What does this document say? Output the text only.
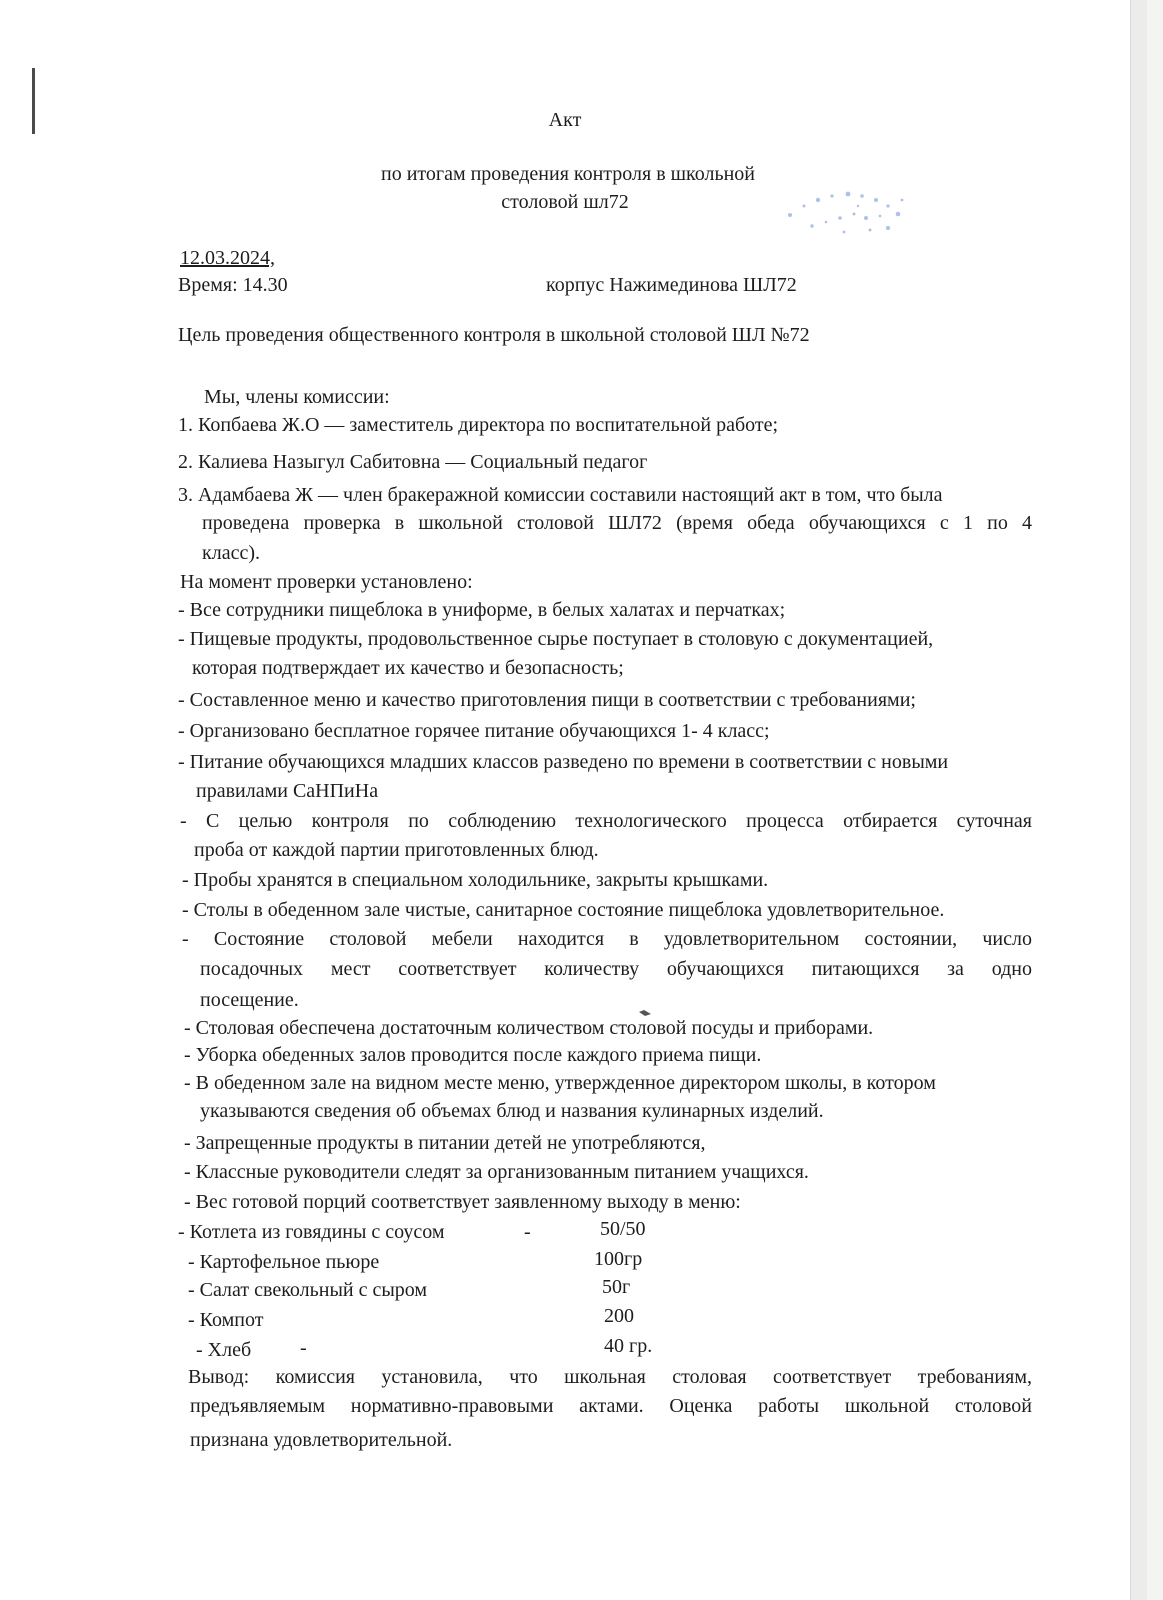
Акт
по итогам проведения контроля в школьной
столовой шл72
12.03.2024,
Время: 14.30	корпус Нажимединова ШЛ72
Цель проведения общественного контроля в школьной столовой ШЛ №72
Мы, члены комиссии:
1. Копбаева Ж.О — заместитель директора по воспитательной работе;
2. Калиева Назыгул Сабитовна — Социальный педагог
3. Адамбаева Ж — член бракеражной комиссии составили настоящий акт в том, что была
проведена проверка в школьной столовой ШЛ72 (время обеда обучающихся с 1 по 4
класс).
На момент проверки установлено:
- Все сотрудники пищеблока в униформе, в белых халатах и перчатках;
- Пищевые продукты, продовольственное сырье поступает в столовую с документацией,
которая подтверждает их качество и безопасность;
- Составленное меню и качество приготовления пищи в соответствии с требованиями;
- Организовано бесплатное горячее питание обучающихся 1- 4 класс;
- Питание обучающихся младших классов разведено по времени в соответствии с новыми
правилами СаНПиНа
- С целью контроля по соблюдению технологического процесса отбирается суточная
проба от каждой партии приготовленных блюд.
- Пробы хранятся в специальном холодильнике, закрыты крышками.
- Столы в обеденном зале чистые, санитарное состояние пищеблока удовлетворительное.
- Состояние столовой мебели находится в удовлетворительном состоянии, число
посадочных мест соответствует количеству обучающихся питающихся за одно
посещение.
- Столовая обеспечена достаточным количеством столовой посуды и приборами.
- Уборка обеденных залов проводится после каждого приема пищи.
- В обеденном зале на видном месте меню, утвержденное директором школы, в котором
указываются сведения об объемах блюд и названия кулинарных изделий.
- Запрещенные продукты в питании детей не употребляются,
- Классные руководители следят за организованным питанием учащихся.
- Вес готовой порций соответствует заявленному выходу в меню:
- Котлета из говядины с соусом	-	50/50
- Картофельное пьюре	100гр
- Салат свекольный с сыром	50г
- Компот	200
- Хлеб -	40 гр.
Вывод: комиссия установила, что школьная столовая соответствует требованиям,
предъявляемым нормативно-правовыми актами. Оценка работы школьной столовой
признана удовлетворительной.
